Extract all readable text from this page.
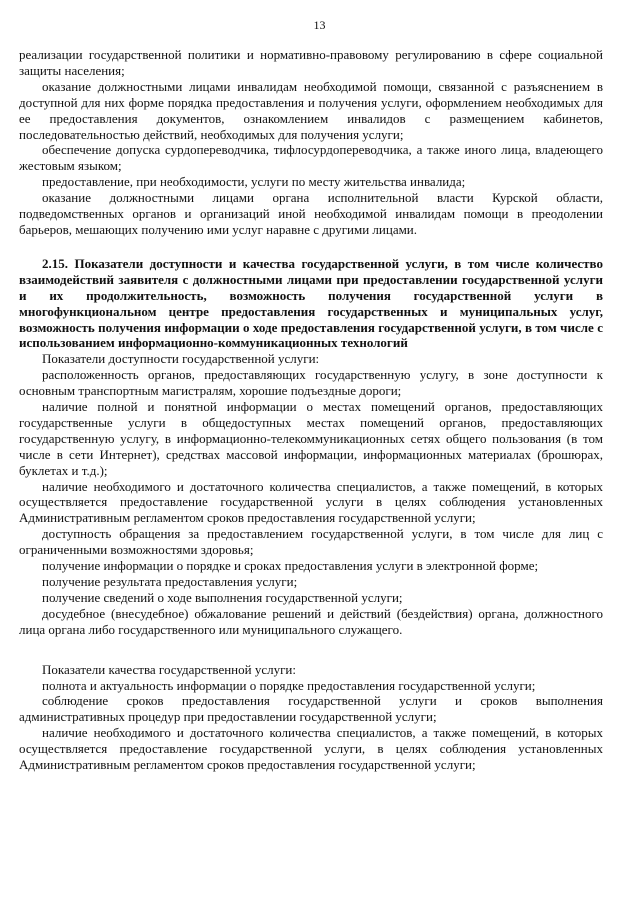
13

реализации государственной политики и нормативно-правовому регулированию в сфере социальной защиты населения;

оказание должностными лицами инвалидам необходимой помощи, связанной с разъяснением в доступной для них форме порядка предоставления и получения услуги, оформлением необходимых для ее предоставления документов, ознакомлением инвалидов с размещением кабинетов, последовательностью действий, необходимых для получения услуги;

обеспечение допуска сурдопереводчика, тифлосурдопереводчика, а также иного лица, владеющего жестовым языком;

предоставление, при необходимости, услуги по месту жительства инвалида;

оказание должностными лицами органа исполнительной власти Курской области, подведомственных органов и организаций иной необходимой инвалидам помощи в преодолении барьеров, мешающих получению ими услуг наравне с другими лицами.

2.15. Показатели доступности и качества государственной услуги, в том числе количество взаимодействий заявителя с должностными лицами при предоставлении государственной услуги и их продолжительность, возможность получения государственной услуги в многофункциональном центре предоставления государственных и муниципальных услуг, возможность получения информации о ходе предоставления государственной услуги, в том числе с использованием информационно-коммуникационных технологий

Показатели доступности государственной услуги:

расположенность органов, предоставляющих государственную услугу, в зоне доступности к основным транспортным магистралям, хорошие подъездные дороги;

наличие полной и понятной информации о местах помещений органов, предоставляющих государственные услуги в общедоступных местах помещений органов, предоставляющих государственную услугу, в информационно-телекоммуникационных сетях общего пользования (в том числе в сети Интернет), средствах массовой информации, информационных материалах (брошюрах, буклетах и т.д.);

наличие необходимого и достаточного количества специалистов, а также помещений, в которых осуществляется предоставление государственной услуги в целях соблюдения установленных Административным регламентом сроков предоставления государственной услуги;

доступность обращения за предоставлением государственной услуги, в том числе для лиц с ограниченными возможностями здоровья;

получение информации о порядке и сроках предоставления услуги в электронной форме;

получение результата предоставления услуги;

получение сведений о ходе выполнения государственной услуги;

досудебное (внесудебное) обжалование решений и действий (бездействия) органа, должностного лица органа либо государственного или муниципального служащего.

Показатели качества государственной услуги:

полнота и актуальность информации о порядке предоставления государственной услуги;

соблюдение сроков предоставления государственной услуги и сроков выполнения административных процедур при предоставлении государственной услуги;

наличие необходимого и достаточного количества специалистов, а также помещений, в которых осуществляется предоставление государственной услуги, в целях соблюдения установленных Административным регламентом сроков предоставления государственной услуги;
